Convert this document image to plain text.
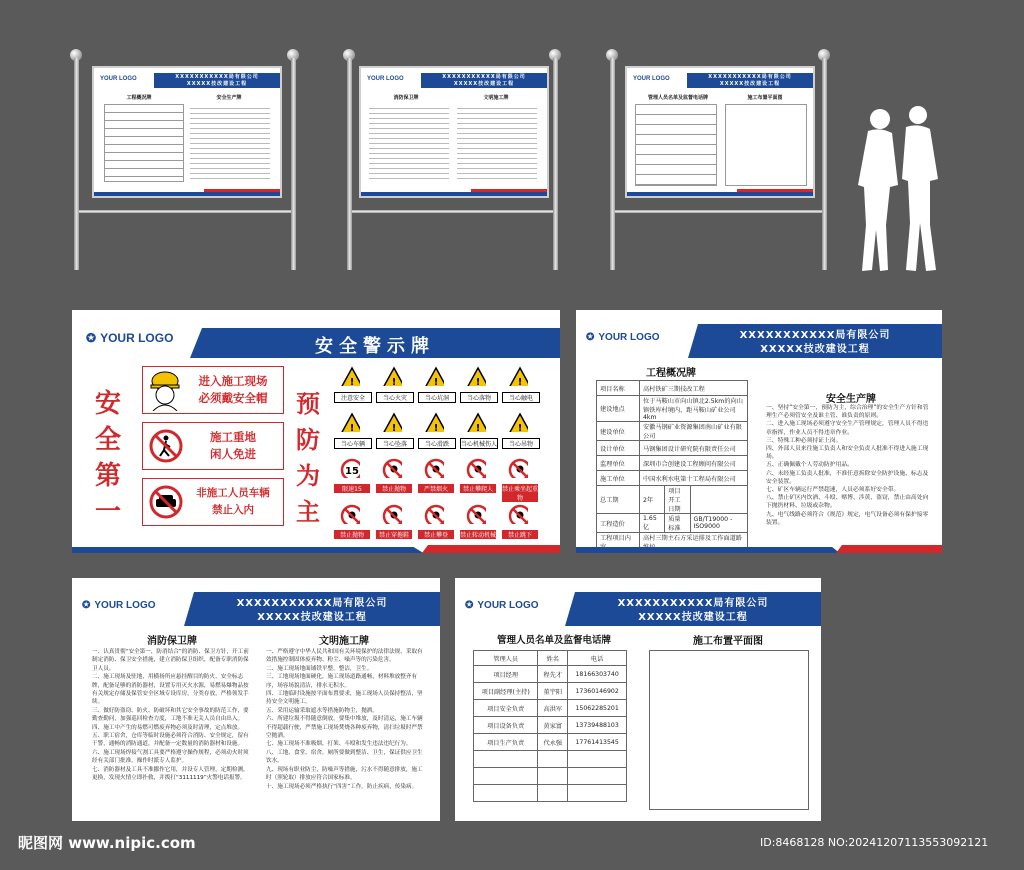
YOUR LOGO	XXXXXXXXXXX局有限公司
XXXXX技改建设工程
工程概况牌	安全生产牌
YOUR LOGO	XXXXXXXXXXX局有限公司
XXXXX技改建设工程
消防保卫牌	文明施工牌
YOUR LOGO	XXXXXXXXXXX局有限公司
XXXXX技改建设工程
管理人员名单及监督电话牌	施工布置平面图
✪ YOUR LOGO	安全警示牌
安全第一
进入施工现场
必须戴安全帽
施工重地
闲人免进
非施工人员车辆
禁止入内
预防为主
!
注意安全
!
当心火灾
!
当心坑洞
!
当心落物
!
当心触电
!
当心车辆
!
当心坠落
!
当心滑跌
!
当心机械伤人
!
当心吊物
15
限速15	禁止抛物	严禁烟火	禁止攀爬人	禁止乘坐起重物
禁止抛物	禁止穿拖鞋	禁止攀登	禁止转动机械	禁止跳下
✪ YOUR LOGO	XXXXXXXXXXX局有限公司
XXXXX技改建设工程
工程概况牌
安全生产牌
项目名称	高村铁矿三期技改工程		
建设地点	位于马鞍山市向山镇北2.5km的向山镇铁库村境内，距马鞍山矿业公司4km		
建设单位	安徽马钢矿业资源集团南山矿业有限公司		
设计单位	马钢集团设计研究院有限责任公司		
监理单位	深圳市合创建设工程顾问有限公司		
施工单位	中国水利水电第十工程局有限公司		
总工期	2年	项目开工日期	
工程造价	1.65亿	质量标准	GB/T19000 - ISO9000
工程项目内	高村三期主石方采运排及工作面道路		

一、坚持“安全第一，预防为主，综合治理”的安全生产方针和管理生产必须管安全及谁主管、谁负责的原则。

二、进入施工现场必须遵守安全生产管理规定，管理人员不得违章指挥，作业人员不得违章作业。

三、特殊工种必须持证上岗。

四、外部人员来往施工负责人和安全负责人批准不得进入施工现场。

五、正确佩戴个人劳动防护用品。

六、未经施工负责人批准，不准任意拆除安全防护设施、标志及安全装置。

七、矿区车辆运行严禁超速，人员必须系好安全带。

八、禁止矿区内饮酒、斗殴、赌博、涉黄、盗窃，禁止由高处向下抛扔材料、垃圾或杂物。

九、电气线路必须符合《规范》规定，电气设备必须有保护接零装置。

✪ YOUR LOGO	XXXXXXXXXXX局有限公司
XXXXX技改建设工程
消防保卫牌	文明施工牌

一、认真贯彻“安全第一，防消结合”的消防、保卫方针，开工前制定消防、保卫安全措施，建立消防保卫组织，配备专职消防保卫人员。

二、施工现场及驻地，用横扬所应悬挂醒目的防火、安全标志牌，配备足够的消防器材，设置专用灭火水源，易燃易爆物品按有关规定存储及保管安全区域专设库房，分类存放，严格领发手续。

三、做好防盗窃、防火、防破坏和其它安全事故的防范工作，要勤查勤问，加强巡回检查力度，工地不准无关人员自由出入。

四、施工中产生的易燃可燃废弃物必须及时清理，定点堆放。

五、职工宿舍，仓库等临时设施必须符合消防、安全规定，留有干警，通畅的消防通道，并配备一定数量的消防器材和设施。

六、施工现场焊接气割工具要严格遵守操作规程，必须动火时须经有关部门批准，操作时派专人监护。

七、消防器材及工具不准挪作它用，并设专人管理，定期检测，更换，发现火情立即扑救，并拨打“3111119”火警电话报警。

一、严格遵守中华人民共和国有关环境保护的法律法规，采取有效措施控制固体废弃物、粉尘、噪声等的污染危害。

二、施工现场地面铺铁平整，整洁，卫生。

三、工地现场地面硬化，施工现场道路通畅，材料堆放整齐有序，场容场貌清洁，排水无积水。

四、工地临时设施按平面布置要求，施工现场人员保持整洁，坚持安全文明施工。

五、采用运输采取遮水等措施防物尘，抛洒。

六、所建垃圾不得随意倒放，要集中堆放，及时清运，施工车辆不得超载行驶，严禁施工现场焚烧各种废弃物，清扫垃圾时严禁空抛洒。

七、施工现场不准吸烟，打架、斗殴和发生违法违纪行为。

八、工地、食堂、宿舍，厕所要做到整洁、卫生，保证供应卫生饮水。

九、现场有职业防尘，防噪声等措施，污水不得随意排放，施工时（照轮取）排放应符合国家标准。

十、施工现场必须严格执行“四害”工作。防止疾病，传染病。

✪ YOUR LOGO	XXXXXXXXXXX局有限公司
XXXXX技改建设工程
管理人员名单及监督电话牌	施工布置平面图
管理人员	姓名	电话
项目经理	程先才	18166303740
项目副经理(主持)	董宇阳	17360146902
项目安全负责	高洪军	15062285201
项目设备负责	黄家富	13739488103
项目生产负责	代永强	17761413545

昵图网 www.nipic.com	ID:8468128 NO:20241207113553092121
